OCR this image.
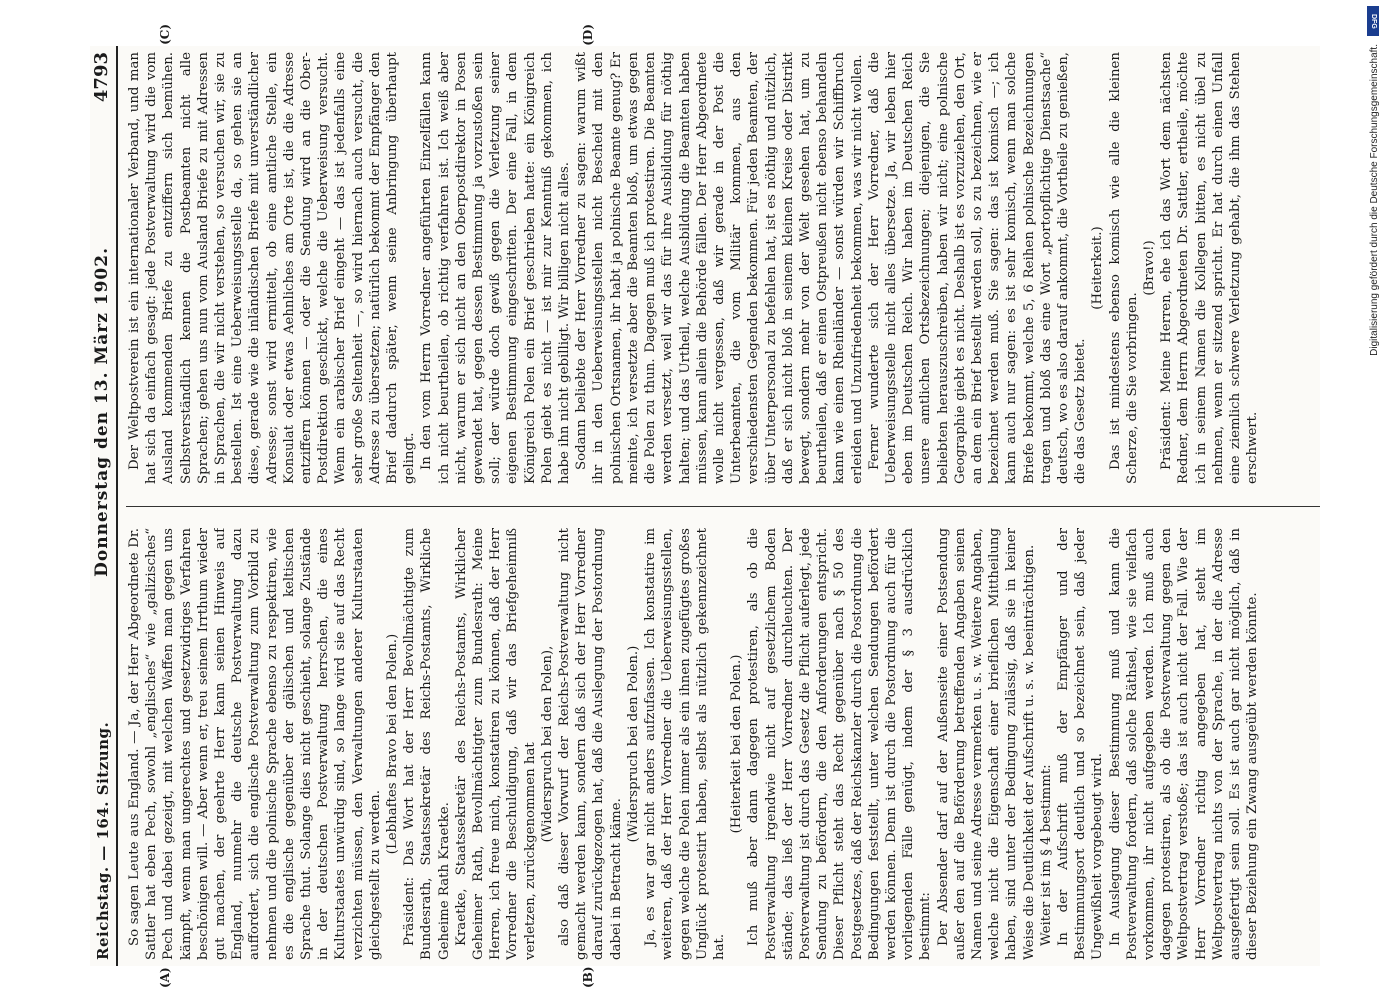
DFG
Digitalisierung gefördert durch die Deutsche Forschungsgemeinschaft.
Reichstag. — 164. Sitzung.
Donnerstag den 13. März 1902.
4793

So sagen Leute aus England. — Ja, der Herr Abgeordnete Dr. Sattler hat eben Pech, sowohl „englisches“ wie „galizisches“ Pech und dabei gezeigt, mit welchen Waffen man gegen uns kämpft, wenn man ungerechtes und gesetzwidriges Verfahren beschönigen will. — Aber wenn er, treu seinem Irrthum wieder gut machen, der geehrte Herr kann seinen Hinweis auf England, nunmehr die deutsche Postverwaltung dazu auffordert, sich die englische Postverwaltung zum Vorbild zu nehmen und die polnische Sprache ebenso zu respektiren, wie es die englische gegenüber der gälischen und keltischen Sprache thut. Solange dies nicht geschieht, solange Zustände in der deutschen Postverwaltung herrschen, die eines Kulturstaates unwürdig sind, so lange wird sie auf das Recht verzichten müssen, den Verwaltungen anderer Kulturstaaten gleichgestellt zu werden.

(Lebhaftes Bravo bei den Polen.) Präsident: Das Wort hat der Herr Bevollmächtigte zum Bundesrath, Staatssekretär des Reichs-Postamts, Wirkliche Geheime Rath Kraetke. Kraetke, Staatssekretär des Reichs-Postamts, Wirklicher Geheimer Rath, Bevollmächtigter zum Bundesrath: Meine Herren, ich freue mich, konstatiren zu können, daß der Herr Vorredner die Beschuldigung, daß wir das Briefgeheimniß verletzen, zurückgenommen hat (Widerspruch bei den Polen), also daß dieser Vorwurf der Reichs-Postverwaltung nicht gemacht werden kann, sondern daß sich der Herr Vorredner darauf zurückgezogen hat, daß die Auslegung der Postordnung dabei in Betracht käme.

(Widerspruch bei den Polen.) Ja, es war gar nicht anders aufzufassen. Ich konstatire im weiteren, daß der Herr Vorredner die Ueberweisungsstellen, gegen welche die Polen immer als ein ihnen zugefügtes großes Unglück protestirt haben, selbst als nützlich gekennzeichnet hat.

(Heiterkeit bei den Polen.) Ich muß aber dann dagegen protestiren, als ob die Postverwaltung irgendwie nicht auf gesetzlichem Boden stände; das ließ der Herr Vorredner durchleuchten. Der Postverwaltung ist durch das Gesetz die Pflicht auferlegt, jede Sendung zu befördern, die den Anforderungen entspricht. Dieser Pflicht steht das Recht gegenüber nach § 50 des Postgesetzes, daß der Reichskanzler durch die Postordnung die Bedingungen feststellt, unter welchen Sendungen befördert werden können. Denn ist durch die Postordnung auch für die vorliegenden Fälle genügt, indem der § 3 ausdrücklich bestimmt: Der Absender darf auf der Außenseite einer Postsendung außer den auf die Beförderung betreffenden Angaben seinen Namen und seine Adresse vermerken u. s. w. Weitere Angaben, welche nicht die Eigenschaft einer brieflichen Mittheilung haben, sind unter der Bedingung zulässig, daß sie in keiner Weise die Deutlichkeit der Aufschrift u. s. w. beeinträchtigen. Weiter ist im § 4 bestimmt: In der Aufschrift muß der Empfänger und der Bestimmungsort deutlich und so bezeichnet sein, daß jeder Ungewißheit vorgebeugt wird. In Auslegung dieser Bestimmung muß und kann die Postverwaltung fordern, daß solche Räthsel, wie sie vielfach vorkommen, ihr nicht aufgegeben werden. Ich muß auch dagegen protestiren, als ob die Postverwaltung gegen den Weltpostvertrag verstoße; das ist auch nicht der Fall. Wie der Herr Vorredner richtig angegeben hat, steht im Weltpostvertrag nichts von der Sprache, in der die Adresse ausgefertigt sein soll. Es ist auch gar nicht möglich, daß in dieser Beziehung ein Zwang ausgeübt werden könnte.

Der Weltpostverein ist ein internationaler Verband, und man hat sich da einfach gesagt: jede Postverwaltung wird die vom Ausland kommenden Briefe zu entziffern sich bemühen. Selbstverständlich kennen die Postbeamten nicht alle Sprachen; gehen uns nun vom Ausland Briefe zu mit Adressen in Sprachen, die wir nicht verstehen, so versuchen wir, sie zu bestellen. Ist eine Ueberweisungsstelle da, so gehen sie an diese, gerade wie die inländischen Briefe mit unverständlicher Adresse; sonst wird ermittelt, ob eine amtliche Stelle, ein Konsulat oder etwas Aehnliches am Orte ist, die die Adresse entziffern können — oder die Sendung wird an die Ober-Postdirektion geschickt, welche die Ueberweisung versucht. Wenn ein arabischer Brief eingeht — das ist jedenfalls eine sehr große Seltenheit —, so wird hiernach auch versucht, die Adresse zu übersetzen; natürlich bekommt der Empfänger den Brief dadurch später, wenn seine Anbringung überhaupt gelingt. In den vom Herrn Vorredner angeführten Einzelfällen kann ich nicht beurtheilen, ob richtig verfahren ist. Ich weiß aber nicht, warum er sich nicht an den Oberpostdirektor in Posen gewendet hat, gegen dessen Bestimmung ja vorzustoßen sein soll; der würde doch gewiß gegen die Verletzung seiner eigenen Bestimmung eingeschritten. Der eine Fall, in dem Königreich Polen ein Brief geschrieben hatte: ein Königreich Polen giebt es nicht — ist mir zur Kenntniß gekommen, ich habe ihn nicht gebilligt. Wir billigen nicht alles. Sodann beliebte der Herr Vorredner zu sagen: warum wißt ihr in den Ueberweisungsstellen nicht Bescheid mit den polnischen Ortsnamen, ihr habt ja polnische Beamte genug? Er meinte, ich versetzte aber die Beamten bloß, um etwas gegen die Polen zu thun. Dagegen muß ich protestiren. Die Beamten werden versetzt, weil wir das für ihre Ausbildung für nöthig halten; und das Urtheil, welche Ausbildung die Beamten haben müssen, kann allein die Behörde fällen. Der Herr Abgeordnete wolle nicht vergessen, daß wir gerade in der Post die Unterbeamten, die vom Militär kommen, aus den verschiedensten Gegenden bekommen. Für jeden Beamten, der über Unterpersonal zu befehlen hat, ist es nöthig und nützlich, daß er sich nicht bloß in seinem kleinen Kreise oder Distrikt bewegt, sondern mehr von der Welt gesehen hat, um zu beurtheilen, daß er einen Ostpreußen nicht ebenso behandeln kann wie einen Rheinländer — sonst würden wir Schiffbruch erleiden und Unzufriedenheit bekommen, was wir nicht wollen. Ferner wunderte sich der Herr Vorredner, daß die Ueberweisungsstelle nicht alles übersetze. Ja, wir leben hier eben im Deutschen Reich. Wir haben im Deutschen Reich unsere amtlichen Ortsbezeichnungen; diejenigen, die Sie beliebten herauszuschreiben, haben wir nicht; eine polnische Geographie giebt es nicht. Deshalb ist es vorzuziehen, den Ort, an dem ein Brief bestellt werden soll, so zu bezeichnen, wie er bezeichnet werden muß. Sie sagen: das ist komisch —; ich kann auch nur sagen: es ist sehr komisch, wenn man solche Briefe bekommt, welche 5, 6 Reihen polnische Bezeichnungen tragen und bloß das eine Wort „portopflichtige Dienstsache“ deutsch, wo es also darauf ankommt, die Vortheile zu genießen, die das Gesetz bietet.

(Heiterkeit.) Das ist mindestens ebenso komisch wie alle die kleinen Scherze, die Sie vorbringen.

(Bravo!) Präsident: Meine Herren, ehe ich das Wort dem nächsten Redner, dem Herrn Abgeordneten Dr. Sattler, ertheile, möchte ich in seinem Namen die Kollegen bitten, es nicht übel zu nehmen, wenn er sitzend spricht. Er hat durch einen Unfall eine ziemlich schwere Verletzung gehabt, die ihm das Stehen erschwert.

(A)	(B)
(C)	(D)
